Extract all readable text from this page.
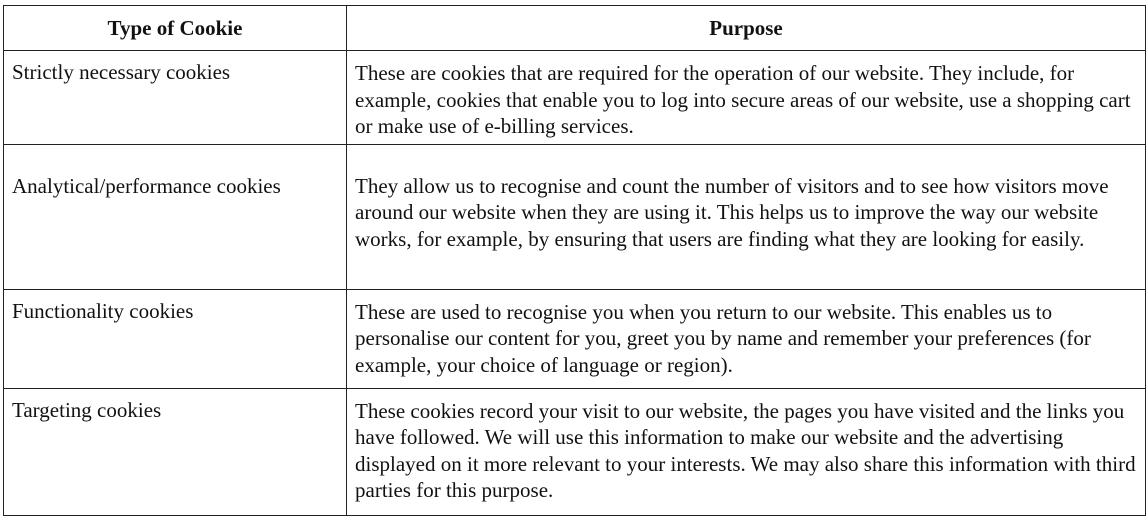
Type of Cookie	Purpose
Strictly necessary cookies	These are cookies that are required for the operation of our website. They include, for example, cookies that enable you to log into secure areas of our website, use a shopping cart or make use of e-billing services.
Analytical/performance cookies	They allow us to recognise and count the number of visitors and to see how visitors move around our website when they are using it. This helps us to improve the way our website works, for example, by ensuring that users are finding what they are looking for easily.
Functionality cookies	These are used to recognise you when you return to our website. This enables us to personalise our content for you, greet you by name and remember your preferences (for example, your choice of language or region).
Targeting cookies	These cookies record your visit to our website, the pages you have visited and the links you have followed. We will use this information to make our website and the advertising displayed on it more relevant to your interests. We may also share this information with third parties for this purpose.
